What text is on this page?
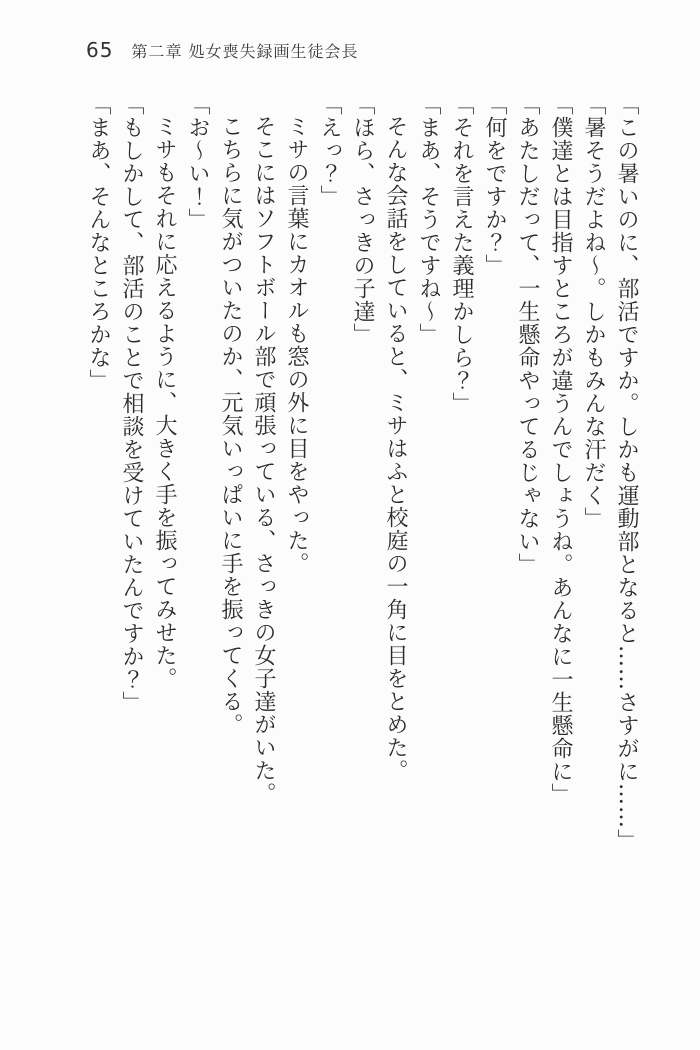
65 第二章 処女喪失録画生徒会長

「この暑いのに、部活ですか。しかも運動部となると……さすがに……」

「暑そうだよね〜。しかもみんな汗だく」

「僕達とは目指すところが違うんでしょうね。あんなに一生懸命に」

「あたしだって、一生懸命やってるじゃない」

「何をですか？」

「それを言えた義理かしら？」

「まあ、そうですね〜」

そんな会話をしていると、ミサはふと校庭の一角に目をとめた。

「ほら、さっきの子達」

「えっ？」

ミサの言葉にカオルも窓の外に目をやった。

そこにはソフトボール部で頑張っている、さっきの女子達がいた。

こちらに気がついたのか、元気いっぱいに手を振ってくる。

「お〜い！」

ミサもそれに応えるように、大きく手を振ってみせた。

「もしかして、部活のことで相談を受けていたんですか？」

「まあ、そんなところかな」
